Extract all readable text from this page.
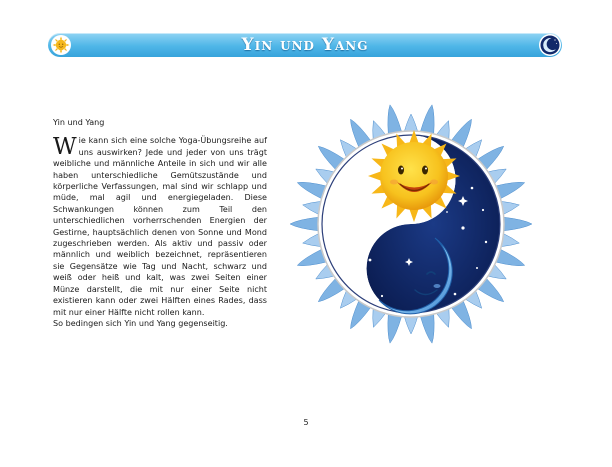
Yin und Yang

Yin und Yang

Wie kann sich eine solche Yoga-Übungsreihe auf uns auswirken? Jede und jeder von uns trägt weibliche und männliche Anteile in sich und wir alle haben unterschiedliche Gemütszustände und körperliche Verfassungen, mal sind wir schlapp und müde, mal agil und energiegeladen. Diese Schwankungen können zum Teil den unterschiedlichen vorherrschenden Energien der Gestirne, hauptsächlich denen von Sonne und Mond zugeschrieben werden. Als aktiv und passiv oder männlich und weiblich bezeichnet, repräsentieren sie Gegensätze wie Tag und Nacht, schwarz und weiß oder heiß und kalt, was zwei Seiten einer Münze darstellt, die mit nur einer Seite nicht existieren kann oder zwei Hälften eines Rades, dass mit nur einer Hälfte nicht rollen kann.

So bedingen sich Yin und Yang gegenseitig.

5
